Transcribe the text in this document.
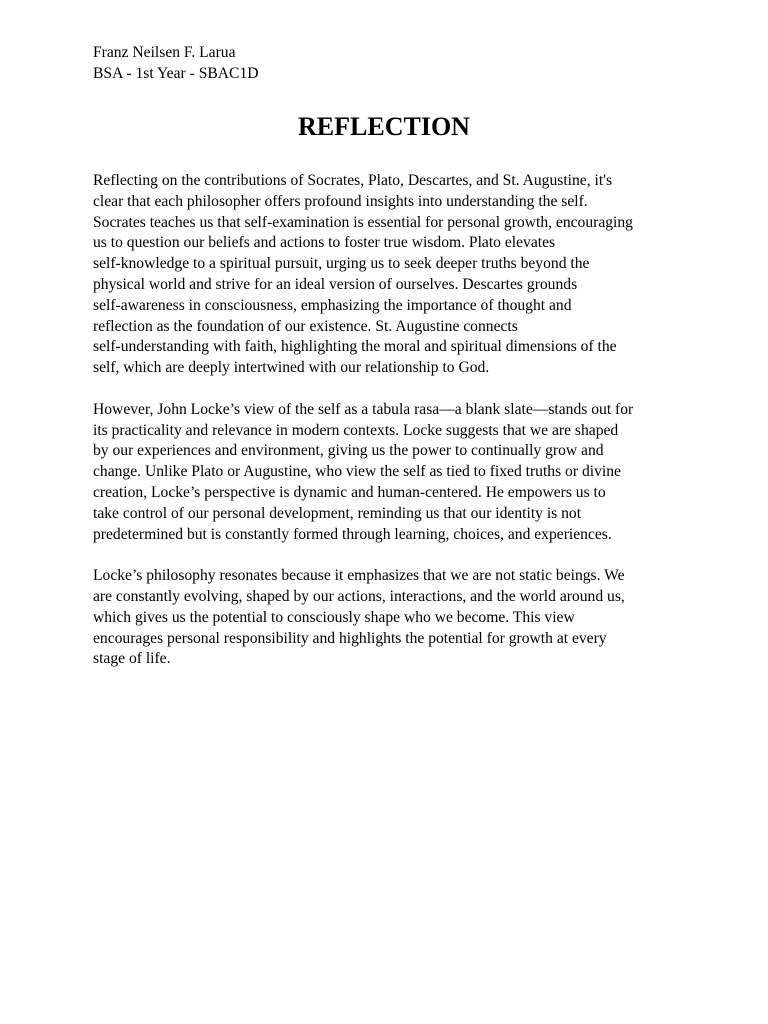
Franz Neilsen F. Larua
BSA - 1st Year - SBAC1D
REFLECTION

Reflecting on the contributions of Socrates, Plato, Descartes, and St. Augustine, it's
clear that each philosopher offers profound insights into understanding the self.
Socrates teaches us that self-examination is essential for personal growth, encouraging
us to question our beliefs and actions to foster true wisdom. Plato elevates
self-knowledge to a spiritual pursuit, urging us to seek deeper truths beyond the
physical world and strive for an ideal version of ourselves. Descartes grounds
self-awareness in consciousness, emphasizing the importance of thought and
reflection as the foundation of our existence. St. Augustine connects
self-understanding with faith, highlighting the moral and spiritual dimensions of the
self, which are deeply intertwined with our relationship to God.

However, John Locke’s view of the self as a tabula rasa—a blank slate—stands out for
its practicality and relevance in modern contexts. Locke suggests that we are shaped
by our experiences and environment, giving us the power to continually grow and
change. Unlike Plato or Augustine, who view the self as tied to fixed truths or divine
creation, Locke’s perspective is dynamic and human-centered. He empowers us to
take control of our personal development, reminding us that our identity is not
predetermined but is constantly formed through learning, choices, and experiences.

Locke’s philosophy resonates because it emphasizes that we are not static beings. We
are constantly evolving, shaped by our actions, interactions, and the world around us,
which gives us the potential to consciously shape who we become. This view
encourages personal responsibility and highlights the potential for growth at every
stage of life.
